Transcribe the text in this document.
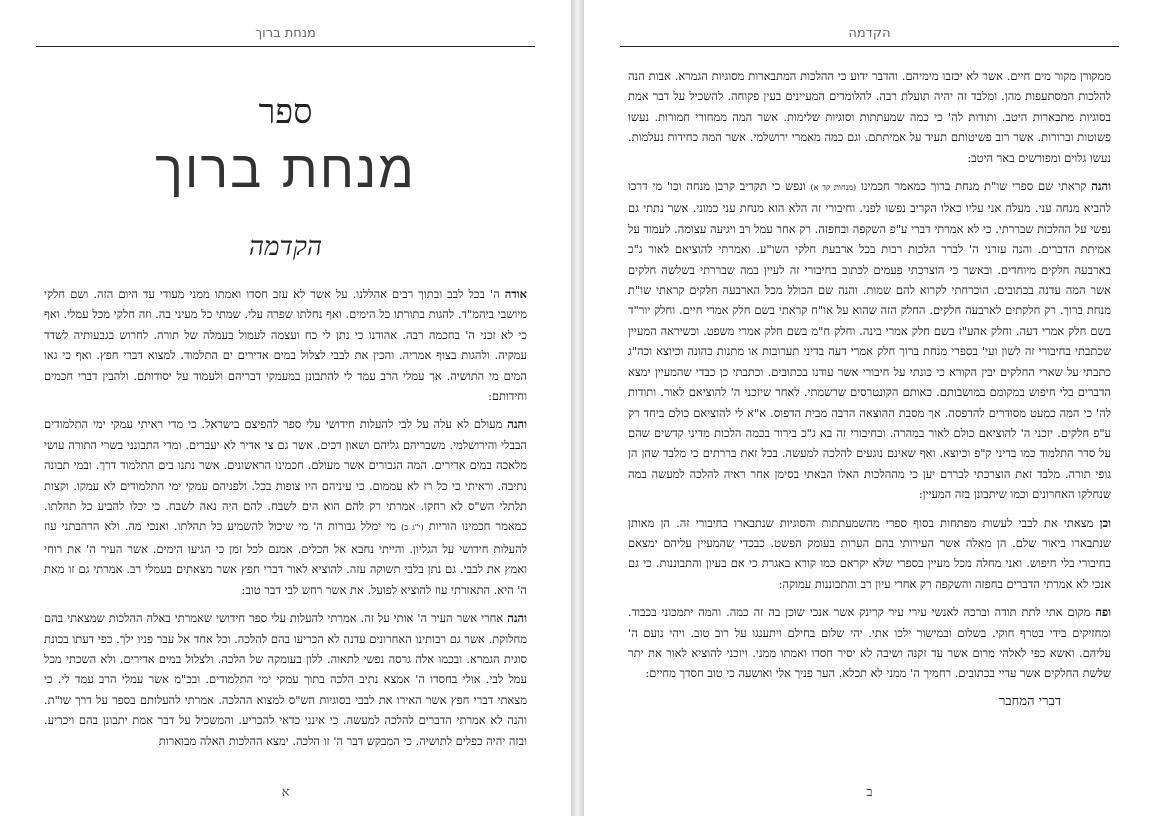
מנחת ברוך
ספר
מנחת ברוך
הקדמה

אודה ה' בכל לבב ובתוך רבים אהללנו. על אשר לא עזב חסדו ואמתו ממני מעודי עד היום הזה. ושם חלקי מיושבי ביהמ"ד. להגות בתורתו כל הימים. ואף נחלתו שפרה עלי. שמתי כל מעיני בה. וזה חלקי מכל עמלי. ואף כי לא זכני ה' בחכמה רבה. אהודנו כי נתן לי כח ועצמה לעמול בעמלה של תורה. לחרוש בגבעותיה לשדד עמקיה. ולהגות בצוף אמריה. והכין את לבבי לצלול במים אדירים ים התלמוד. למצוא דברי חפץ. ואף כי גאו המים מי התושיה. אך עמלי הרב עמד לי להתבונן במעמקי דבריהם ולעמוד על יסודותם. ולהבין דברי חכמים וחידותם:

והנה מעולם לא עלה על לבי להעלות חידושי עלי ספר להפיצם בישראל. כי מדי ראיתי עמקי ימי התלמודים הבבלי והירושלמי. משבריהם גליהם ושאון דכים. אשר גם צי אדיר לא יעברים. ומדי התבונני בשרי התורה עושי מלאכה במים אדירים. המה הגבורים אשר מעולם. חכמינו הראשונים. אשר נתנו בים התלמוד דרך. ובמי תבונה נתיבה. וראיתי כי כל רז לא עממום. כי עיניהם היו צופות בכל. ולפניהם עמקי ימי התלמודים לא עמקו. וקצות תלתלי הש"ס לא רחקו. אמרתי רק להם הוא הים לשבח. להם היה נאה לשבח. כי יכלו להביע כל תהלתו. כמאמר חכמינו הוריות (י"ג ב) מי ימלל גבורות ה' מי שיכול להשמיע כל תהלתו. ואנכי מה. ולא הרהבתני עוז להעלות חידושי על הגליון. והייתי נחבא אל הכלים. אמנם לכל זמן כי הגיעו הימים. אשר העיר ה' את רוחי ואמץ את לבבי. גם נתן בלבי תשוקה עזה. להוציא לאור דברי חפץ אשר מצאתים בעמלי רב. אמרתי גם זו מאת ה' היא. התאזרתי עוז להוציא לפועל. את אשר רחש לבי דבר טוב:

והנה אחרי אשר העיר ה' אותי על זה. אמרתי להעלות עלי ספר חידושי שאמרתי באלה ההלכות שמצאתי בהם מחלוקת. אשר גם רבותינו האחרונים עדנה לא הכריעו בהם להלכה. וכל אחד אל עבר פניו ילך. כפי דעתו בכונת סוגית הגמרא. ובכמו אלה גרסה נפשי לתאוה. ללון בעומקה של הלכה. ולצלול במים אדירים. ולא השכתי מכל עמל לבי. אולי בחסדו ה' אמצא נתיב הלכה בתוך עמקי ימי התלמודים. ובכ"מ אשר עמלי הרב עמד לי. כי מצאתי דברי חפץ אשר האירו את לבבי בסוגיות הש"ס למצוא ההלכה. אמרתי להעלותם בספר על דרך שו"ת. והנה לא אמרתי הדברים להלכה למעשה. כי אינני כדאי להכריע. והמשכיל על דבר אמת יתבונן בהם ויכריע. ובזה יהיה כפלים לתושיה. כי המבקש דבר ה' זו הלכה. ימצא ההלכות האלה מבוארות

א
הקדמה

ממקורן מקור מים חיים. אשר לא יכזבו מימיהם. והדבר ידוע כי ההלכות המתבארות מסוגיות הגמרא. אבות הנה להלכות המסתעפות מהן. ומלבד זה יהיה תועלת רבה. להלומדים המעיינים בעין פקוחה. להשכיל על דבר אמת בסוגיות מתבארות היטב. ותודות לה' כי כמה שמעתתות וסוגיות שלימות. אשר המה ממחורי חמורות. נעשו פשוטות וברורות. אשר רוב פשיטותם תעיד על אמיתתם. וגם כמה מאמרי ירושלמי. אשר המה כחידות נעלמות. נעשו גלוים ומפורשים באר היטב:

והנה קראתי שם ספרי שו"ת מנחת ברוך כמאמר חכמינו (מנחות קד א) ונפש כי תקריב קרבן מנחה וכו' מי דרכו להביא מנחה עני. מעלה אני עליו כאלו הקריב נפשו לפני. וחיבורי זה הלא הוא מנחת עני כמוני. אשר נתתי גם נפשי על ההלכות שבררתי. כי לא אמרתי דברי ע"פ השקפה ובחפזה. רק אחר עמל רב ויגיעה עצומה. לעמוד על אמיתת הדברים. והנה עזרני ה' לברר הלכות רבות בכל ארבעת חלקי השו"ע. ואמרתי להוציאם לאור ג"כ בארבעה חלקים מיוחדים. ובאשר כי הוצרכתי פעמים לכתוב בחיבורי זה לעיין במה שבררתי בשלשה חלקים אשר המה עדנה בכתובים. הוכרחתי לקרוא להם שמות. והנה שם הכולל מכל הארבעה חלקים קראתי שו"ת מנחת ברוך. רק חלקתים לארבעה חלקים. החלק הזה שהוא על או"ח קראתי בשם חלק אמרי חיים. וחלק יור"ד בשם חלק אמרי דעה. וחלק אהע"ז בשם חלק אמרי בינה. וחלק ח"מ בשם חלק אמרי משפט. וכשיראה המעיין שכתבתי בחיבורי זה לשון ועי' בספרי מנחת ברוך חלק אמרי דעה בדיני תערובות או מתנות כהונה וכיוצא וכה"ג כתבתי על שארי החלקים יבין הקורא כי כונתי על חיבורי אשר עודנו בכתובים. וכתבתי כן כבדי שהמעיין ימצא הדברים בלי חיפוש במקומם במושבותם. כאותם הקונטרסים שרשמתי. לאחר שיזכני ה' להוציאם לאור. ותודות לה' כי המה כמעט מסודרים להדפסה. אך מסבת ההוצאה הרבה מבית הדפוס. א"א לי להוציאם כולם ביחד רק ע"פ חלקים. יזכני ה' להוציאם כולם לאור במהרה. ובחיבורי זה בא ג"כ בירור בכמה הלכות מדיני קדשים שהם על סדר התלמוד כמו בדיני ק"פ וכיוצא. ואף שאינם נוגעים להלכה למעשה. בכל זאת בררתים כי מלבד שהן הן גופי תורה. מלבד זאת הוצרכתי לבררם יען כי מההלכות האלו הבאתי בסימן אחר ראיה להלכה למעשה במה שנחלקו האחרונים וכמו שיתבונן בזה המעיין:

וכן מצאתי את לבבי לעשות מפתחות בסוף ספרי מהשמעתתות והסוגיות שנתבארו בחיבורי זה. הן מאותן שנתבארו ביאור שלם. הן מאלה אשר העירותי בהם הערות בעומק הפשט. כבכדי שהמעיין עליהם ימצאם בחיבורי בלי חיפוש. ואני מחלה מכל מעיין בספרי שלא יקראם כמו קורא באגרת כי אם בעיון והתבוננות. כי גם אנכי לא אמרתי הדברים בחפזה והשקפה רק אחרי עיון רב והתבוננות עמוקה:

ופה מקום אתי לתת תודה וברכה לאנשי עירי עיר קרינק אשר אנכי שוכן בה זה כמה. והמה יתמכוני בכבוד. ומחזיקים בידי בטרף חוקי. בשלום ובמישור ילכו אתי. יהי שלום בחילם ויתענגו על רוב טוב. ויהי נועם ה' עליהם. ואשא כפי לאלהי מרום אשר עד זקנה ושיבה לא יסיר חסדו ואמתו ממני. ויזכני להוציא לאור את יתר שלשת החלקים אשר עדיי בכתובים. רחמיך ה' ממני לא תכלא. הער פניך אלי ואושעה כי טוב חסדך מחיים:

דברי המחבר
ב
